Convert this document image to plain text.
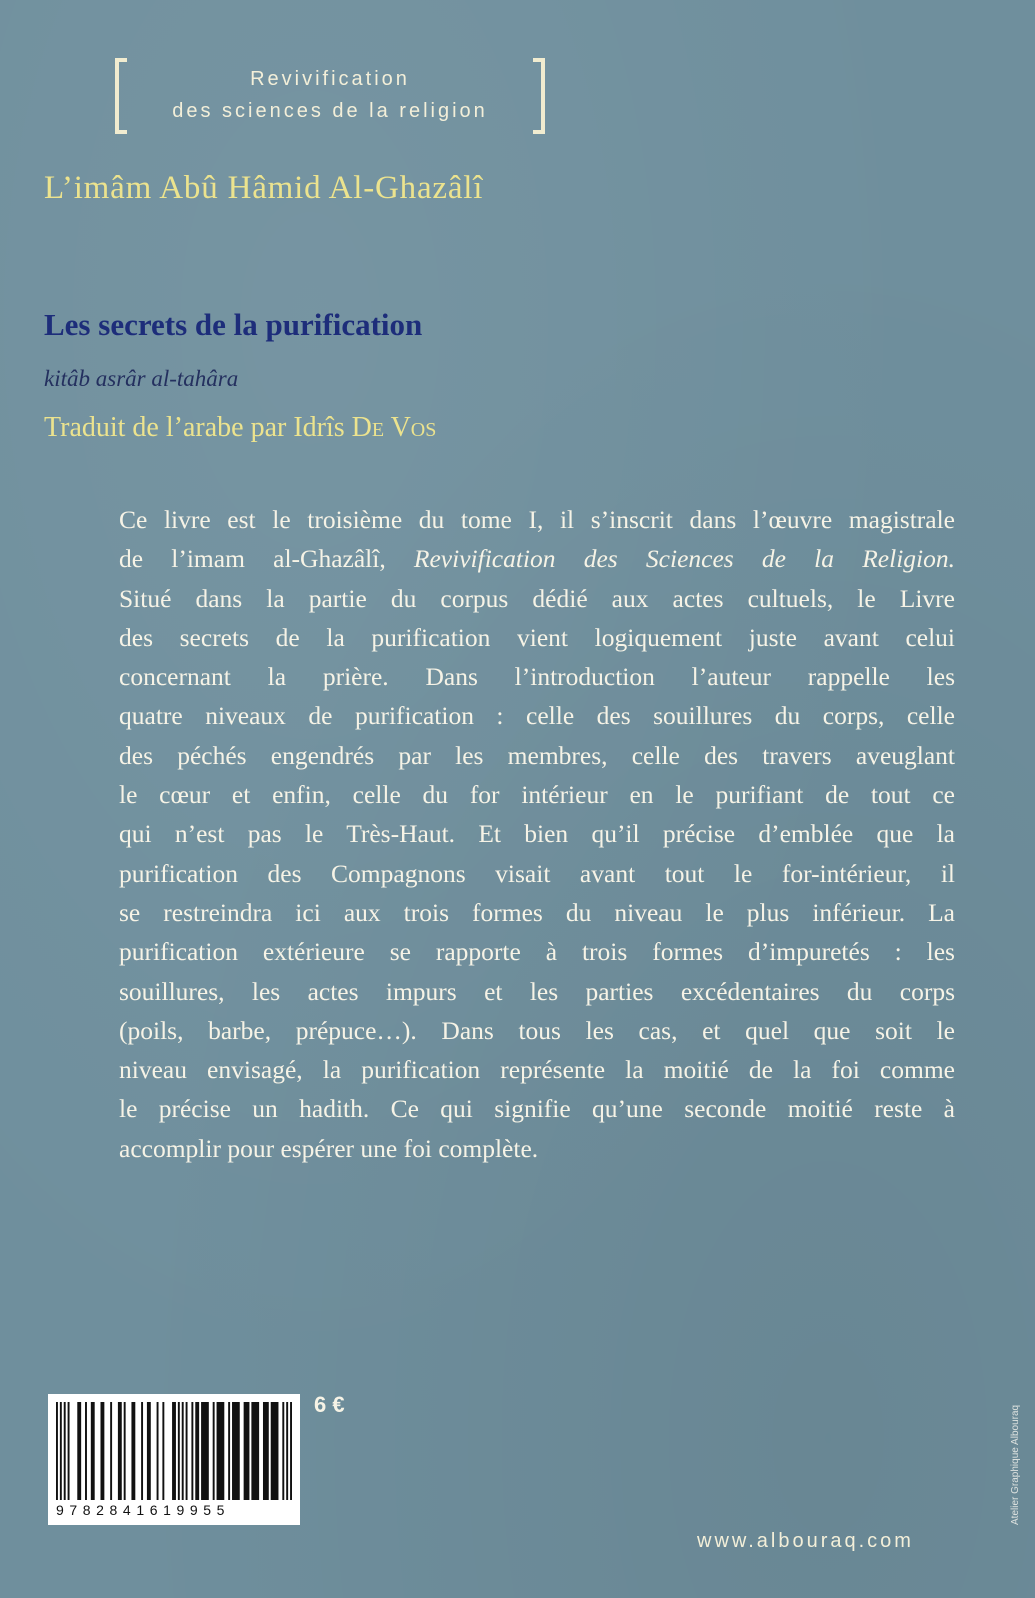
Revivification
des sciences de la religion
L’imâm Abû Hâmid Al-Ghazâlî
Les secrets de la purification
kitâb asrâr al-tahâra
Traduit de l’arabe par Idrîs De Vos
Ce livre est le troisième du tome I, il s’inscrit dans l’œuvre magistrale
de l’imam al-Ghazâlî, Revivification des Sciences de la Religion.
Situé dans la partie du corpus dédié aux actes cultuels, le Livre
des secrets de la purification vient logiquement juste avant celui
concernant la prière. Dans l’introduction l’auteur rappelle les
quatre niveaux de purification : celle des souillures du corps, celle
des péchés engendrés par les membres, celle des travers aveuglant
le cœur et enfin, celle du for intérieur en le purifiant de tout ce
qui n’est pas le Très-Haut. Et bien qu’il précise d’emblée que la
purification des Compagnons visait avant tout le for-intérieur, il
se restreindra ici aux trois formes du niveau le plus inférieur. La
purification extérieure se rapporte à trois formes d’impuretés : les
souillures, les actes impurs et les parties excédentaires du corps
(poils, barbe, prépuce…). Dans tous les cas, et quel que soit le
niveau envisagé, la purification représente la moitié de la foi comme
le précise un hadith. Ce qui signifie qu’une seconde moitié reste à
accomplir pour espérer une foi complète.
9782841619955
6 €
www.albouraq.com
Atelier Graphique Albouraq
